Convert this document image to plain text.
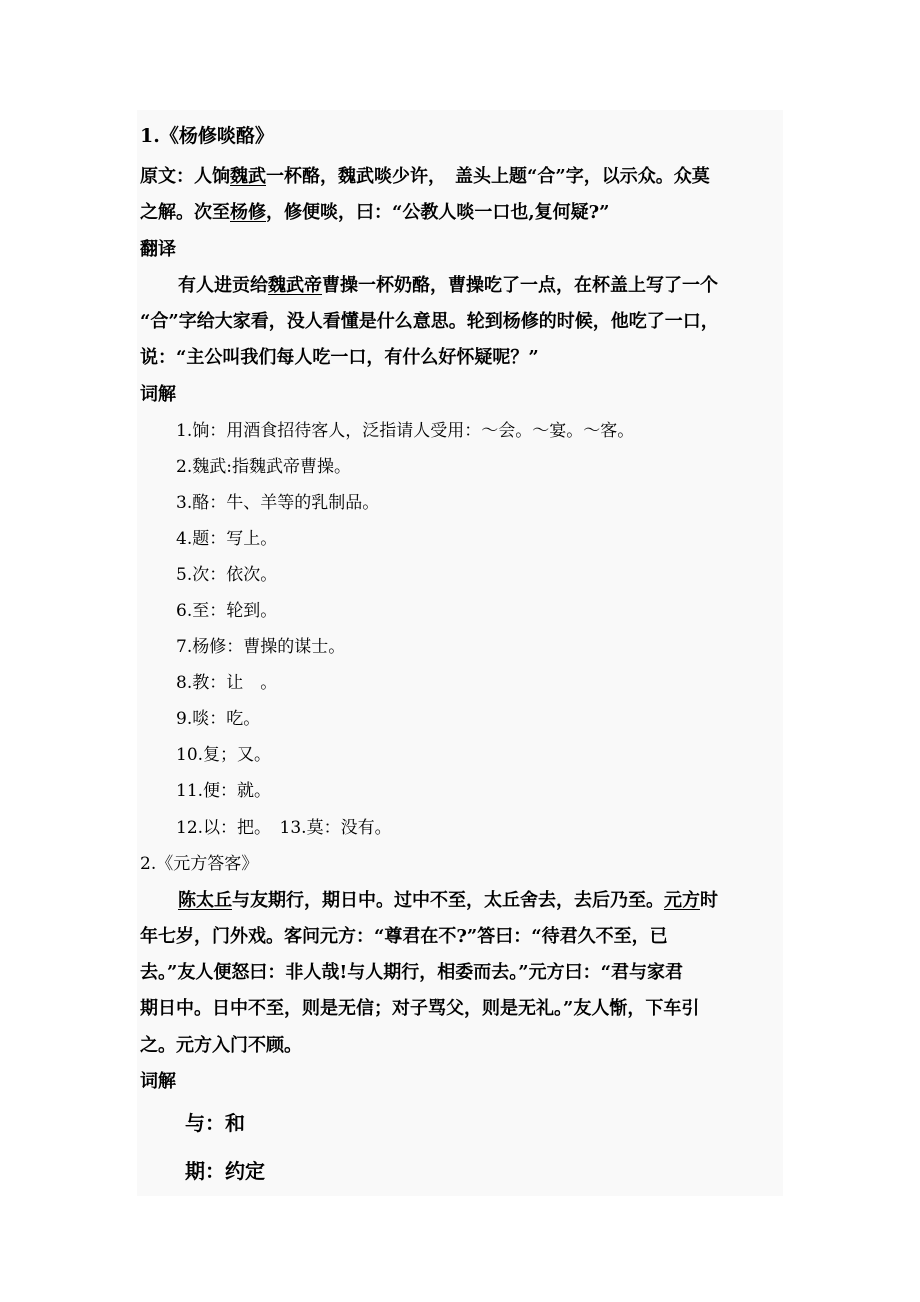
1.《杨修啖酪》
原文：人饷魏武一杯酪，魏武啖少许，　盖头上题“合”字，以示众。众莫
之解。次至杨修，修便啖，曰：“公教人啖一口也,复何疑?”
翻译
有人进贡给魏武帝曹操一杯奶酪，曹操吃了一点，在杯盖上写了一个
“合”字给大家看，没人看懂是什么意思。轮到杨修的时候，他吃了一口，
说：“主公叫我们每人吃一口，有什么好怀疑呢？”
词解
1.饷：用酒食招待客人，泛指请人受用：～会。～宴。～客。
2.魏武:指魏武帝曹操。
3.酪：牛、羊等的乳制品。
4.题：写上。
5.次：依次。
6.至：轮到。
7.杨修：曹操的谋士。
8.教：让　。
9.啖：吃。
10.复；又。
11.便：就。
12.以：把。　13.莫：没有。
2.《元方答客》
陈太丘与友期行，期日中。过中不至，太丘舍去，去后乃至。元方时
年七岁，门外戏。客问元方：“尊君在不?”答曰：“待君久不至，已
去。”友人便怒曰：非人哉!与人期行，相委而去。”元方曰：“君与家君
期日中。日中不至，则是无信；对子骂父，则是无礼。”友人惭，下车引
之。元方入门不顾。
词解
与：和
期：约定
